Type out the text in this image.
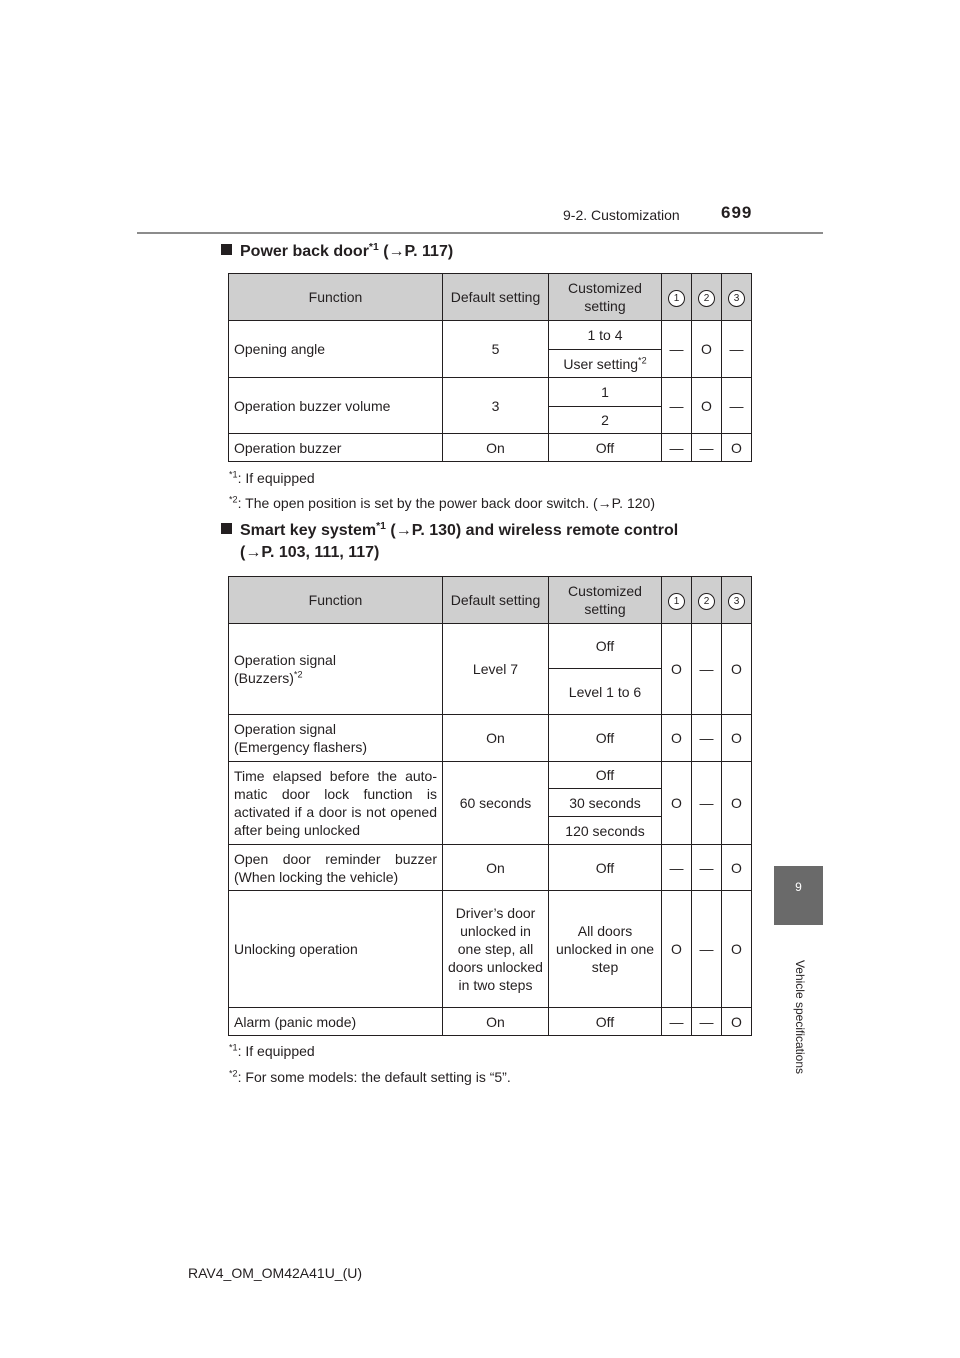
9-2. Customization 699
9
Vehicle specifications
Power back door$^{*1}$ (→P. 117)
Function	Default setting	Customized setting	1	2	3
Opening angle	5	1 to 4	—	O	—
		User setting$^{*2}$
Operation buzzer volume	3	1	—	O	—
		2			
Operation buzzer	On	Off	—	—	O
$^{*1}$: If equipped
$^{*2}$: The open position is set by the power back door switch. (→P. 120)
Smart key system$^{*1}$ (→P. 130) and wireless remote control
(→P. 103, 111, 117)
Function	Default setting	Customized setting	1	2	3
Operation signal
(Buzzers)$^{*2}$	Level 7	Off	O	—	O
		Level 1 to 6			
Operation signal
(Emergency flashers)	On	Off	O	—	O
Time elapsed before the auto-matic door lock function is activated if a door is not opened after being unlocked	60 seconds	Off	O	—	O
		30 seconds			
		120 seconds			
Open door reminder buzzer (When locking the vehicle)	On	Off	—	—	O
Unlocking operation	Driver’s door unlocked in one step, all doors unlocked in two steps	All doors unlocked in one step	O	—	O
Alarm (panic mode)	On	Off	—	—	O
$^{*1}$: If equipped
$^{*2}$: For some models: the default setting is “5”.
RAV4_OM_OM42A41U_(U)
